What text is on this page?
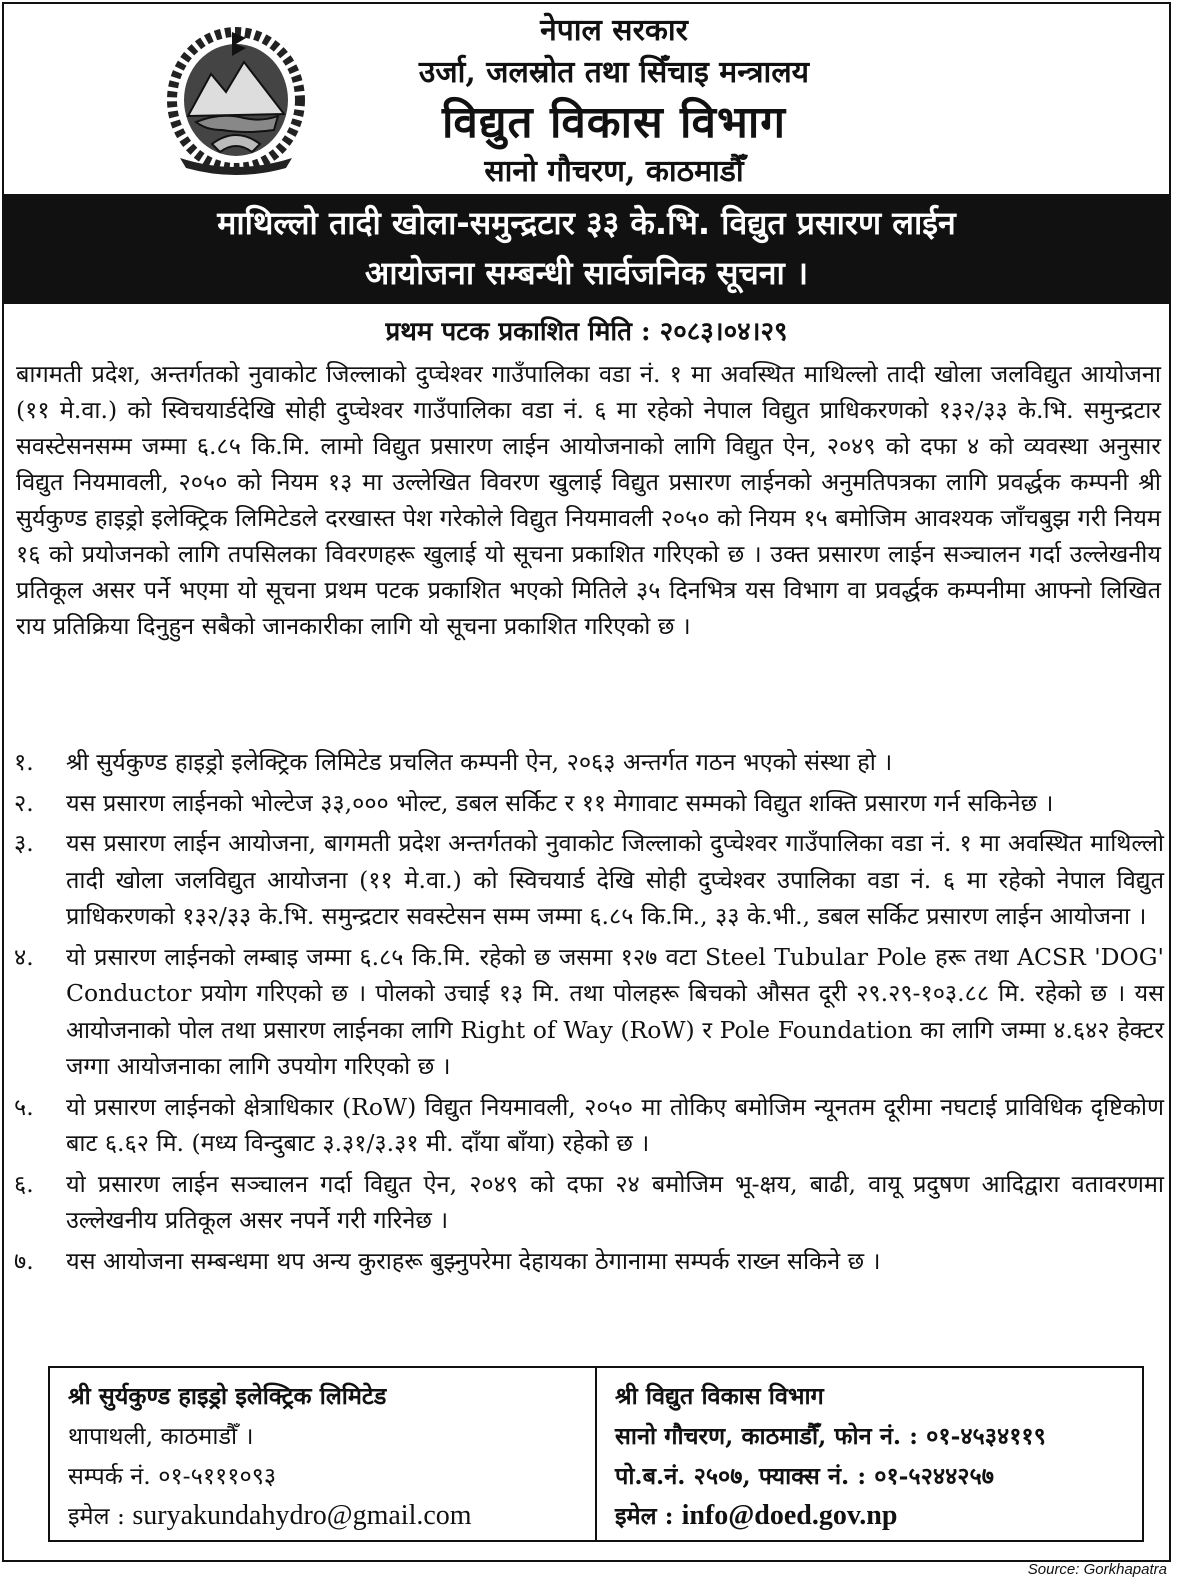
नेपाल सरकार
उर्जा, जलस्रोत तथा सिँचाइ मन्त्रालय
विद्युत विकास विभाग
सानो गौचरण, काठमाडौँ
माथिल्लो तादी खोला-समुन्द्रटार ३३ के.भि. विद्युत प्रसारण लाईन
आयोजना सम्बन्धी सार्वजनिक सूचना ।
प्रथम पटक प्रकाशित मिति : २०८३।०४।२९
बागमती प्रदेश, अन्तर्गतको नुवाकोट जिल्लाको दुप्चेश्वर गाउँपालिका वडा नं. १ मा अवस्थित माथिल्लो तादी खोला जलविद्युत आयोजना (११ मे.वा.) को स्विचयार्डदेखि सोही दुप्चेश्वर गाउँपालिका वडा नं. ६ मा रहेको नेपाल विद्युत प्राधिकरणको १३२/३३ के.भि. समुन्द्रटार सवस्टेसनसम्म जम्मा ६.८५ कि.मि. लामो विद्युत प्रसारण लाईन आयोजनाको लागि विद्युत ऐन, २०४९ को दफा ४ को व्यवस्था अनुसार विद्युत नियमावली, २०५० को नियम १३ मा उल्लेखित विवरण खुलाई विद्युत प्रसारण लाईनको अनुमतिपत्रका लागि प्रवर्द्धक कम्पनी श्री सुर्यकुण्ड हाइड्रो इलेक्ट्रिक लिमिटेडले दरखास्त पेश गरेकोले विद्युत नियमावली २०५० को नियम १५ बमोजिम आवश्यक जाँचबुझ गरी नियम १६ को प्रयोजनको लागि तपसिलका विवरणहरू खुलाई यो सूचना प्रकाशित गरिएको छ । उक्त प्रसारण लाईन सञ्चालन गर्दा उल्लेखनीय प्रतिकूल असर पर्ने भएमा यो सूचना प्रथम पटक प्रकाशित भएको मितिले ३५ दिनभित्र यस विभाग वा प्रवर्द्धक कम्पनीमा आफ्नो लिखित राय प्रतिक्रिया दिनुहुन सबैको जानकारीका लागि यो सूचना प्रकाशित गरिएको छ ।
१.	श्री सुर्यकुण्ड हाइड्रो इलेक्ट्रिक लिमिटेड प्रचलित कम्पनी ऐन, २०६३ अन्तर्गत गठन भएको संस्था हो ।
२.	यस प्रसारण लाईनको भोल्टेज ३३,००० भोल्ट, डबल सर्किट र ११ मेगावाट सम्मको विद्युत शक्ति प्रसारण गर्न सकिनेछ ।
३.	यस प्रसारण लाईन आयोजना, बागमती प्रदेश अन्तर्गतको नुवाकोट जिल्लाको दुप्चेश्वर गाउँपालिका वडा नं. १ मा अवस्थित माथिल्लो तादी खोला जलविद्युत आयोजना (११ मे.वा.) को स्विचयार्ड देखि सोही दुप्चेश्वर उपालिका वडा नं. ६ मा रहेको नेपाल विद्युत प्राधिकरणको १३२/३३ के.भि. समुन्द्रटार सवस्टेसन सम्म जम्मा ६.८५ कि.मि., ३३ के.भी., डबल सर्किट प्रसारण लाईन आयोजना ।
४.	यो प्रसारण लाईनको लम्बाइ जम्मा ६.८५ कि.मि. रहेको छ जसमा १२७ वटा Steel Tubular Pole हरू तथा ACSR 'DOG' Conductor प्रयोग गरिएको छ । पोलको उचाई १३ मि. तथा पोलहरू बिचको औसत दूरी २९.२९-१०३.८८ मि. रहेको छ । यस आयोजनाको पोल तथा प्रसारण लाईनका लागि Right of Way (RoW) र Pole Foundation का लागि जम्मा ४.६४२ हेक्टर जग्गा आयोजनाका लागि उपयोग गरिएको छ ।
५.	यो प्रसारण लाईनको क्षेत्राधिकार (RoW) विद्युत नियमावली, २०५० मा तोकिए बमोजिम न्यूनतम दूरीमा नघटाई प्राविधिक दृष्टिकोण बाट ६.६२ मि. (मध्य विन्दुबाट ३.३१/३.३१ मी. दाँया बाँया) रहेको छ ।
६.	यो प्रसारण लाईन सञ्चालन गर्दा विद्युत ऐन, २०४९ को दफा २४ बमोजिम भू-क्षय, बाढी, वायू प्रदुषण आदिद्वारा वतावरणमा उल्लेखनीय प्रतिकूल असर नपर्ने गरी गरिनेछ ।
७.	यस आयोजना सम्बन्धमा थप अन्य कुराहरू बुझ्नुपरेमा देहायका ठेगानामा सम्पर्क राख्न सकिने छ ।
श्री सुर्यकुण्ड हाइड्रो इलेक्ट्रिक लिमिटेड
थापाथली, काठमाडौँ ।
सम्पर्क नं. ०१-५१११०९३
इमेल : suryakundahydro@gmail.com
श्री विद्युत विकास विभाग
सानो गौचरण, काठमाडौँ, फोन नं. : ०१-४५३४११९
पो.ब.नं. २५०७, फ्याक्स नं. : ०१-५२४४२५७
इमेल : info@doed.gov.np
Source: Gorkhapatra
